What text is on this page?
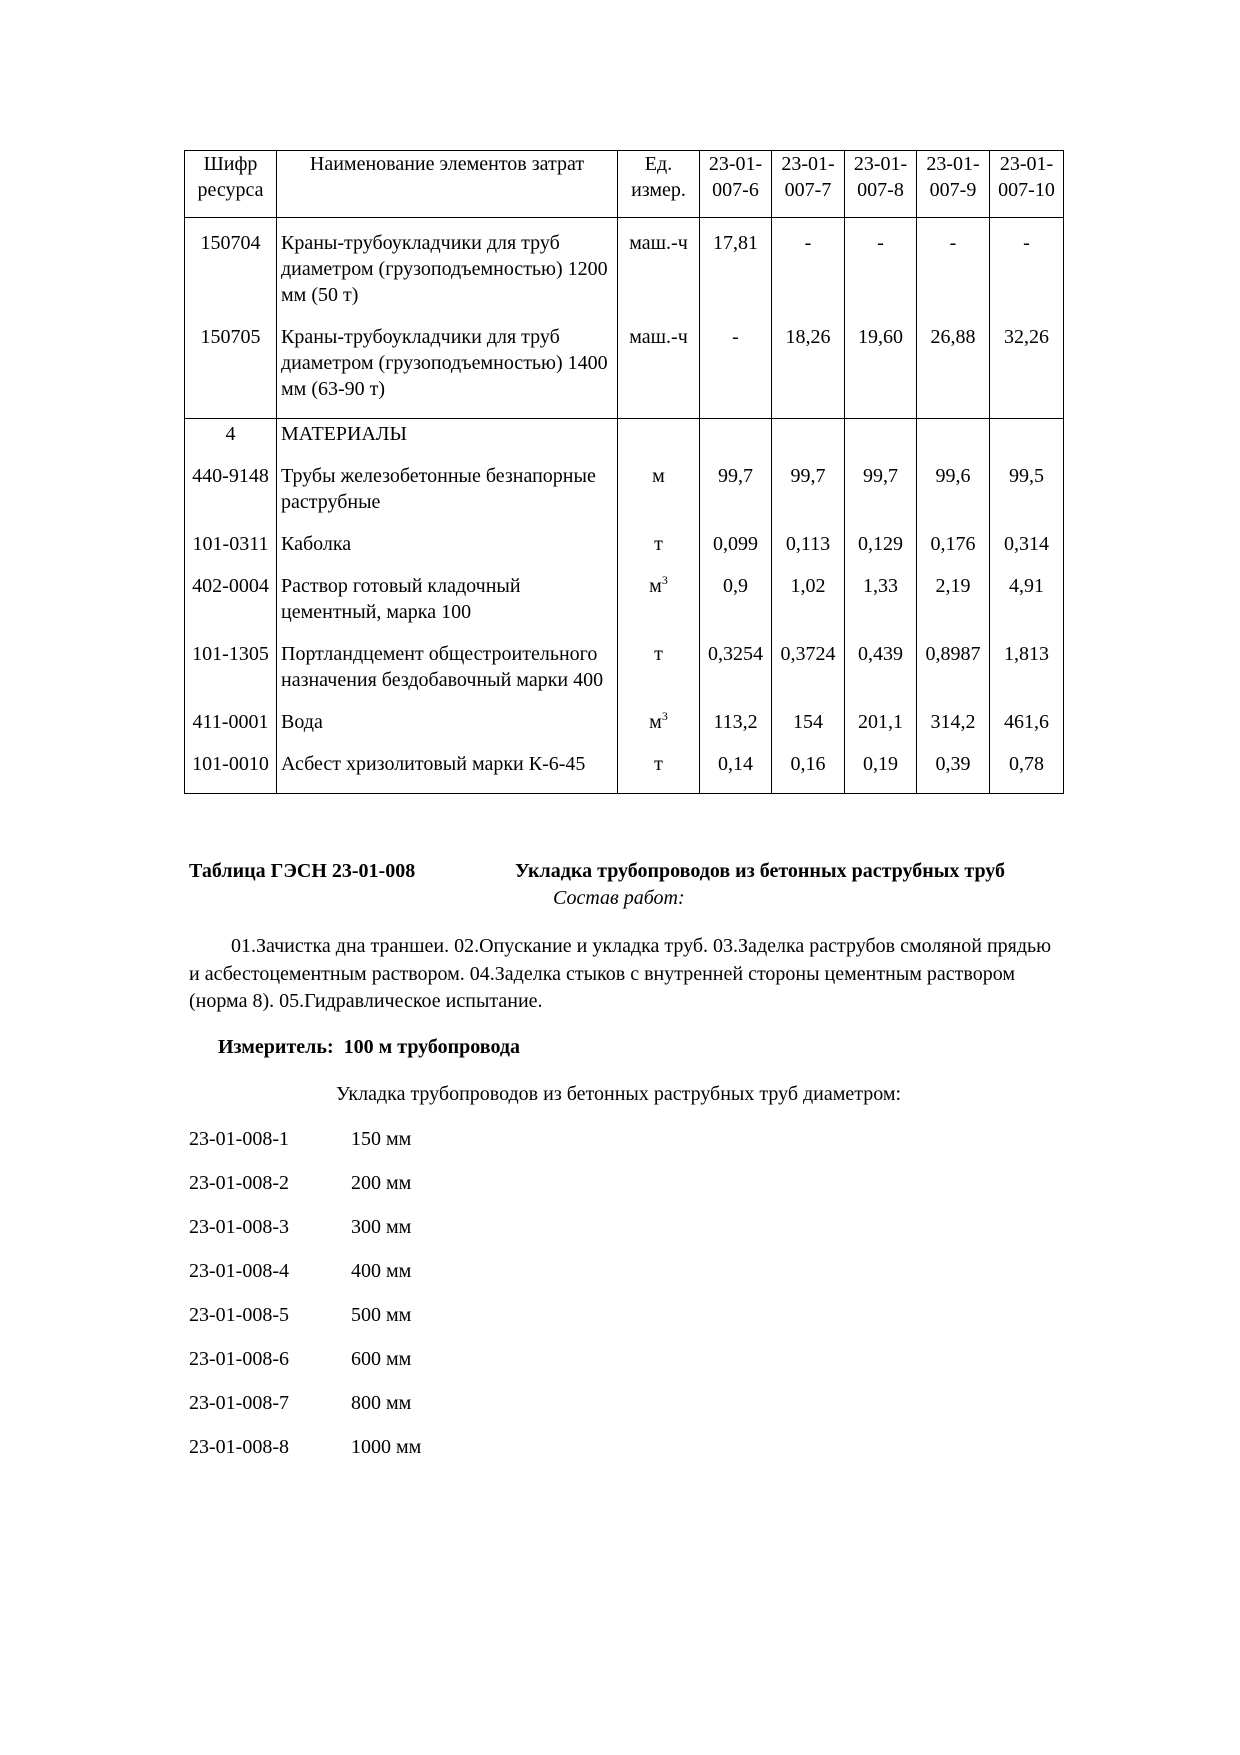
Шифр ресурса	Наименование элементов затрат	Ед. измер.	23-01-007-6	23-01-007-7	23-01-007-8	23-01-007-9	23-01-007-10
150704	Краны-трубоукладчики для труб диаметром (грузоподъемностью) 1200 мм (50 т)	маш.-ч	17,81	-	-	-	-
150705	Краны-трубоукладчики для труб диаметром (грузоподъемностью) 1400 мм (63-90 т)	маш.-ч	-	18,26	19,60	26,88	32,26
4	МАТЕРИАЛЫ						
440-9148	Трубы железобетонные безнапорные раструбные	м	99,7	99,7	99,7	99,6	99,5
101-0311	Каболка	т	0,099	0,113	0,129	0,176	0,314
402-0004	Раствор готовый кладочный цементный, марка 100	$м^3$	0,9	1,02	1,33	2,19	4,91
101-1305	Портландцемент общестроительного назначения бездобавочный марки 400	т	0,3254	0,3724	0,439	0,8987	1,813
411-0001	Вода	$м^3$	113,2	154	201,1	314,2	461,6
101-0010	Асбест хризолитовый марки К-6-45	т	0,14	0,16	0,19	0,39	0,78
Таблица ГЭСН 23-01-008	Укладка трубопроводов из бетонных раструбных труб
Состав работ:
01.Зачистка дна траншеи. 02.Опускание и укладка труб. 03.Заделка раструбов смоляной прядью и асбестоцементным раствором. 04.Заделка стыков с внутренней стороны цементным раствором (норма 8). 05.Гидравлическое испытание.
Измеритель: 100 м трубопровода
Укладка трубопроводов из бетонных раструбных труб диаметром:
23-01-008-1	150 мм
23-01-008-2	200 мм
23-01-008-3	300 мм
23-01-008-4	400 мм
23-01-008-5	500 мм
23-01-008-6	600 мм
23-01-008-7	800 мм
23-01-008-8	1000 мм
